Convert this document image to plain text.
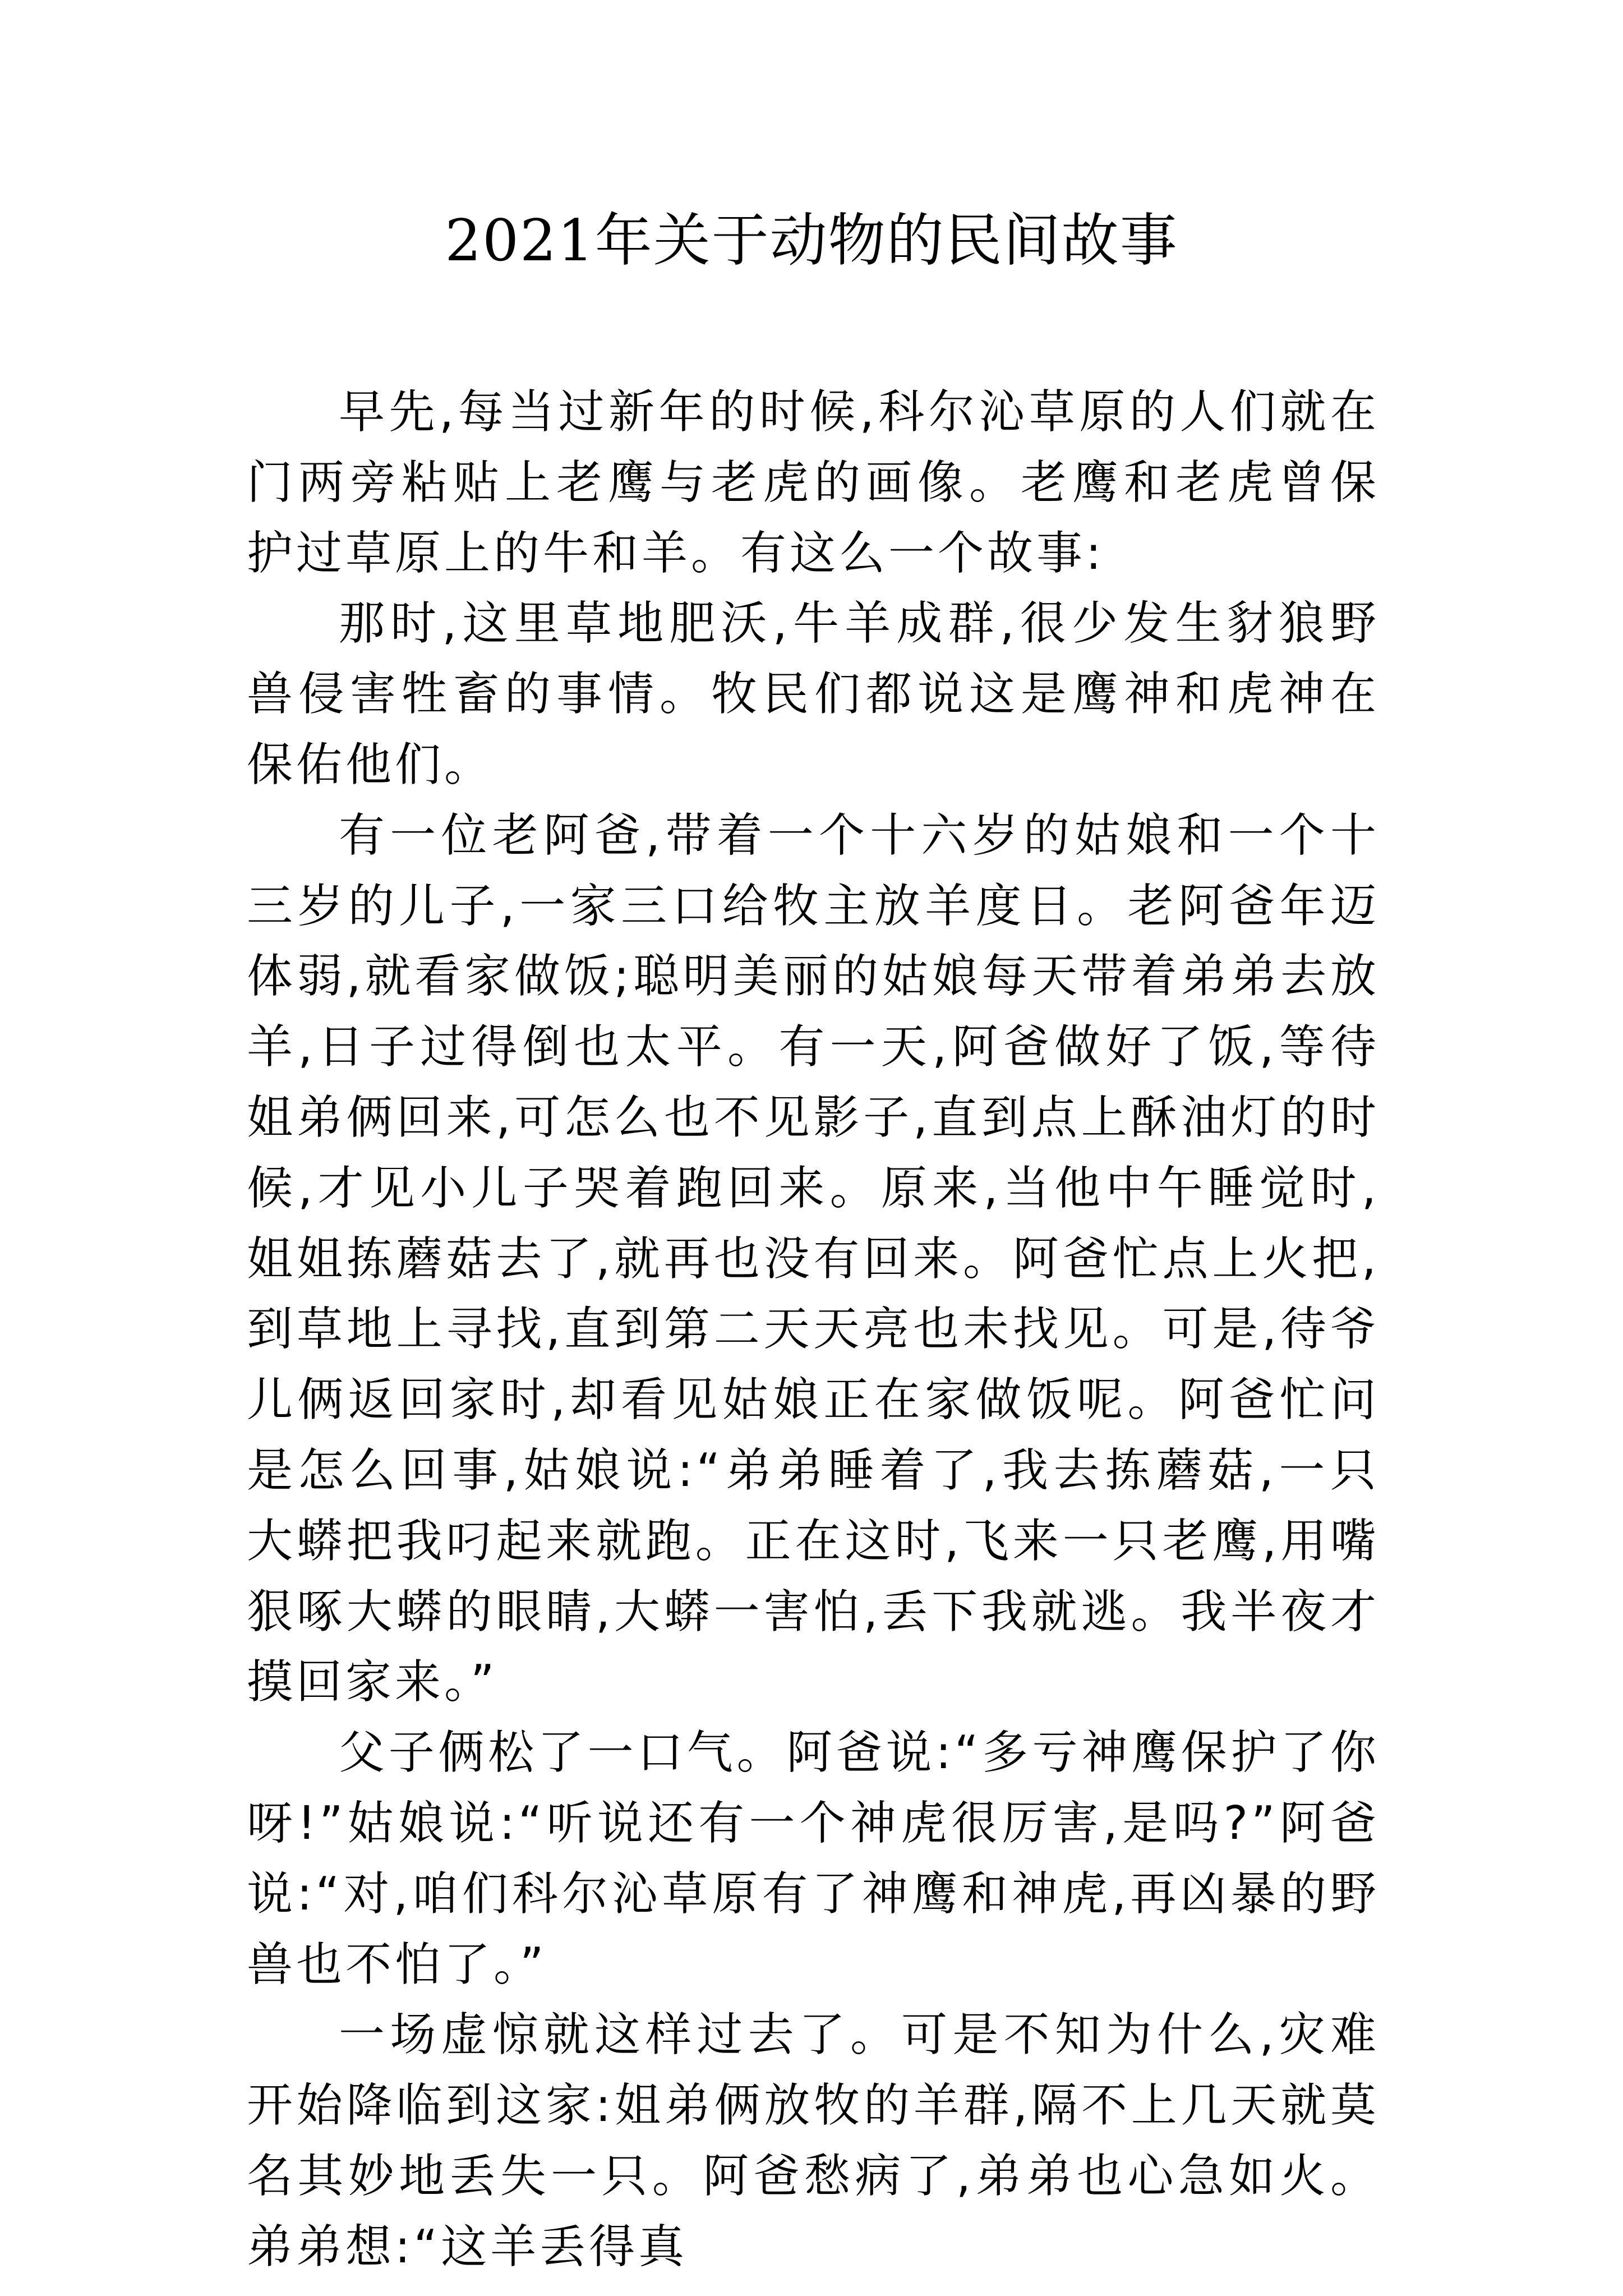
2021年关于动物的民间故事

早先,每当过新年的时候,科尔沁草原的人们就在门两旁粘贴上老鹰与老虎的画像。老鹰和老虎曾保护过草原上的牛和羊。有这么一个故事:

那时,这里草地肥沃,牛羊成群,很少发生豺狼野兽侵害牲畜的事情。牧民们都说这是鹰神和虎神在保佑他们。

有一位老阿爸,带着一个十六岁的姑娘和一个十三岁的儿子,一家三口给牧主放羊度日。老阿爸年迈体弱,就看家做饭;聪明美丽的姑娘每天带着弟弟去放羊,日子过得倒也太平。有一天,阿爸做好了饭,等待姐弟俩回来,可怎么也不见影子,直到点上酥油灯的时候,才见小儿子哭着跑回来。原来,当他中午睡觉时,姐姐拣蘑菇去了,就再也没有回来。阿爸忙点上火把,到草地上寻找,直到第二天天亮也未找见。可是,待爷儿俩返回家时,却看见姑娘正在家做饭呢。阿爸忙问是怎么回事,姑娘说:“弟弟睡着了,我去拣蘑菇,一只大蟒把我叼起来就跑。正在这时,飞来一只老鹰,用嘴狠啄大蟒的眼睛,大蟒一害怕,丢下我就逃。我半夜才摸回家来。”

父子俩松了一口气。阿爸说:“多亏神鹰保护了你呀!”姑娘说:“听说还有一个神虎很厉害,是吗?”阿爸说:“对,咱们科尔沁草原有了神鹰和神虎,再凶暴的野兽也不怕了。”

一场虚惊就这样过去了。可是不知为什么,灾难开始降临到这家:姐弟俩放牧的羊群,隔不上几天就莫名其妙地丢失一只。阿爸愁病了,弟弟也心急如火。弟弟想:“这羊丢得真
